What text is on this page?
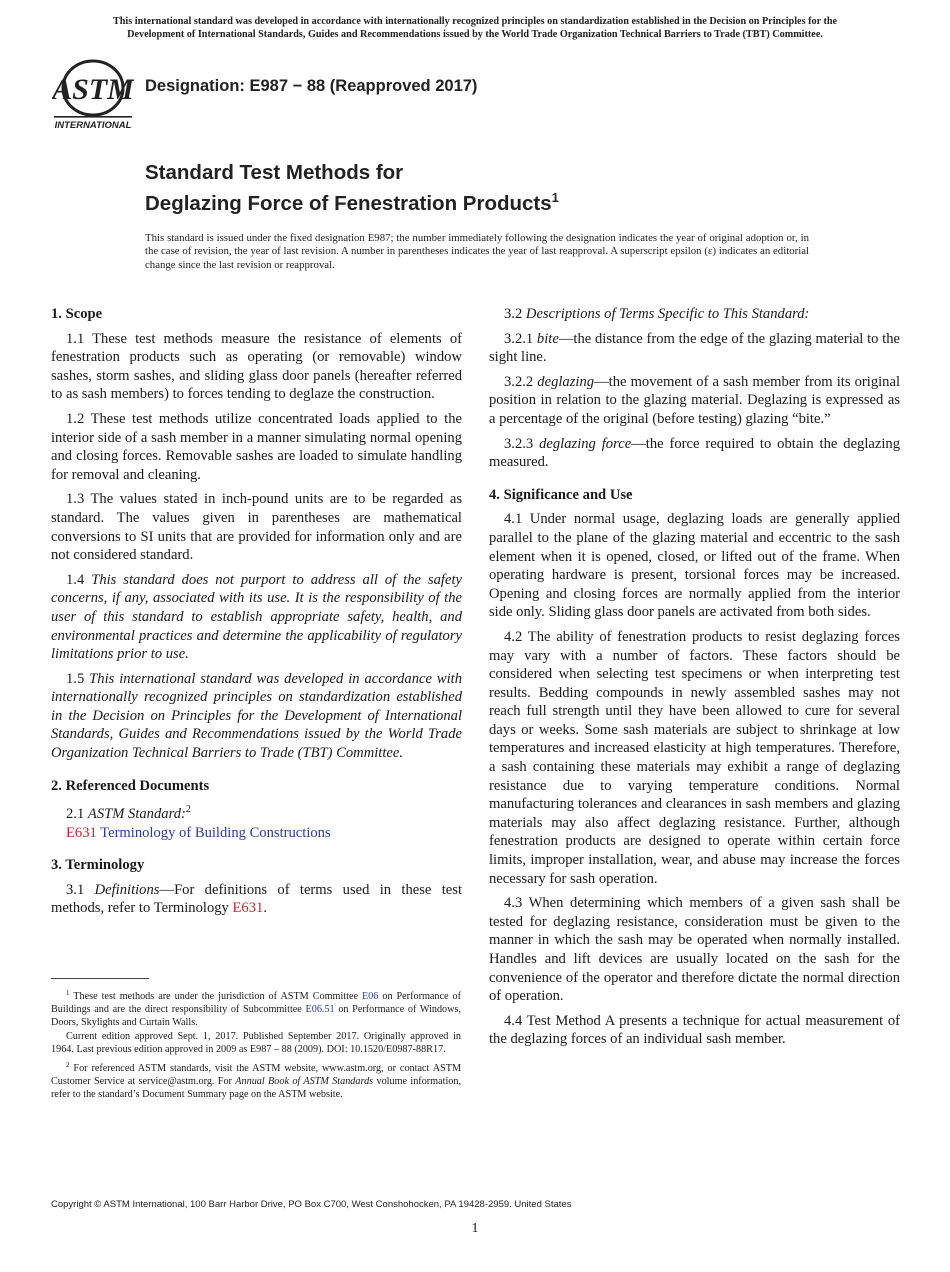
This international standard was developed in accordance with internationally recognized principles on standardization established in the Decision on Principles for the
Development of International Standards, Guides and Recommendations issued by the World Trade Organization Technical Barriers to Trade (TBT) Committee.
ASTM
INTERNATIONAL
Designation: E987 − 88 (Reapproved 2017)
Standard Test Methods for
Deglazing Force of Fenestration Products$^1$
This standard is issued under the fixed designation E987; the number immediately following the designation indicates the year of original adoption or, in the case of revision, the year of last revision. A number in parentheses indicates the year of last reapproval. A superscript epsilon (ε) indicates an editorial change since the last revision or reapproval.
1. Scope

1.1 These test methods measure the resistance of elements of fenestration products such as operating (or removable) window sashes, storm sashes, and sliding glass door panels (hereafter referred to as sash members) to forces tending to deglaze the construction.

1.2 These test methods utilize concentrated loads applied to the interior side of a sash member in a manner simulating normal opening and closing forces. Removable sashes are loaded to simulate handling for removal and cleaning.

1.3 The values stated in inch-pound units are to be regarded as standard. The values given in parentheses are mathematical conversions to SI units that are provided for information only and are not considered standard.

1.4 This standard does not purport to address all of the safety concerns, if any, associated with its use. It is the responsibility of the user of this standard to establish appropriate safety, health, and environmental practices and determine the applicability of regulatory limitations prior to use.

1.5 This international standard was developed in accordance with internationally recognized principles on standardization established in the Decision on Principles for the Development of International Standards, Guides and Recommendations issued by the World Trade Organization Technical Barriers to Trade (TBT) Committee.

2. Referenced Documents
2.1 ASTM Standard:$^2$
E631 Terminology of Building Constructions
3. Terminology

3.1 Definitions—For definitions of terms used in these test methods, refer to Terminology E631.

3.2 Descriptions of Terms Specific to This Standard:

3.2.1 bite—the distance from the edge of the glazing material to the sight line.

3.2.2 deglazing—the movement of a sash member from its original position in relation to the glazing material. Deglazing is expressed as a percentage of the original (before testing) glazing “bite.”

3.2.3 deglazing force—the force required to obtain the deglazing measured.

4. Significance and Use

4.1 Under normal usage, deglazing loads are generally applied parallel to the plane of the glazing material and eccentric to the sash element when it is opened, closed, or lifted out of the frame. When operating hardware is present, torsional forces may be increased. Opening and closing forces are normally applied from the interior side only. Sliding glass door panels are activated from both sides.

4.2 The ability of fenestration products to resist deglazing forces may vary with a number of factors. These factors should be considered when selecting test specimens or when interpreting test results. Bedding compounds in newly assembled sashes may not reach full strength until they have been allowed to cure for several days or weeks. Some sash materials are subject to shrinkage at low temperatures and increased elasticity at high temperatures. Therefore, a sash containing these materials may exhibit a range of deglazing resistance due to varying temperature conditions. Normal manufacturing tolerances and clearances in sash members and glazing materials may also affect deglazing resistance. Further, although fenestration products are designed to operate within certain force limits, improper installation, wear, and abuse may increase the forces necessary for sash operation.

4.3 When determining which members of a given sash shall be tested for deglazing resistance, consideration must be given to the manner in which the sash may be operated when normally installed. Handles and lift devices are usually located on the sash for the convenience of the operator and therefore dictate the normal direction of operation.

4.4 Test Method A presents a technique for actual measurement of the deglazing forces of an individual sash member.

$^1$ These test methods are under the jurisdiction of ASTM Committee E06 on Performance of Buildings and are the direct responsibility of Subcommittee E06.51 on Performance of Windows, Doors, Skylights and Curtain Walls.

Current edition approved Sept. 1, 2017. Published September 2017. Originally approved in 1964. Last previous edition approved in 2009 as E987 – 88 (2009). DOI: 10.1520/E0987-88R17.

$^2$ For referenced ASTM standards, visit the ASTM website, www.astm.org, or contact ASTM Customer Service at service@astm.org. For Annual Book of ASTM Standards volume information, refer to the standard’s Document Summary page on the ASTM website.

Copyright © ASTM International, 100 Barr Harbor Drive, PO Box C700, West Conshohocken, PA 19428-2959. United States
1
